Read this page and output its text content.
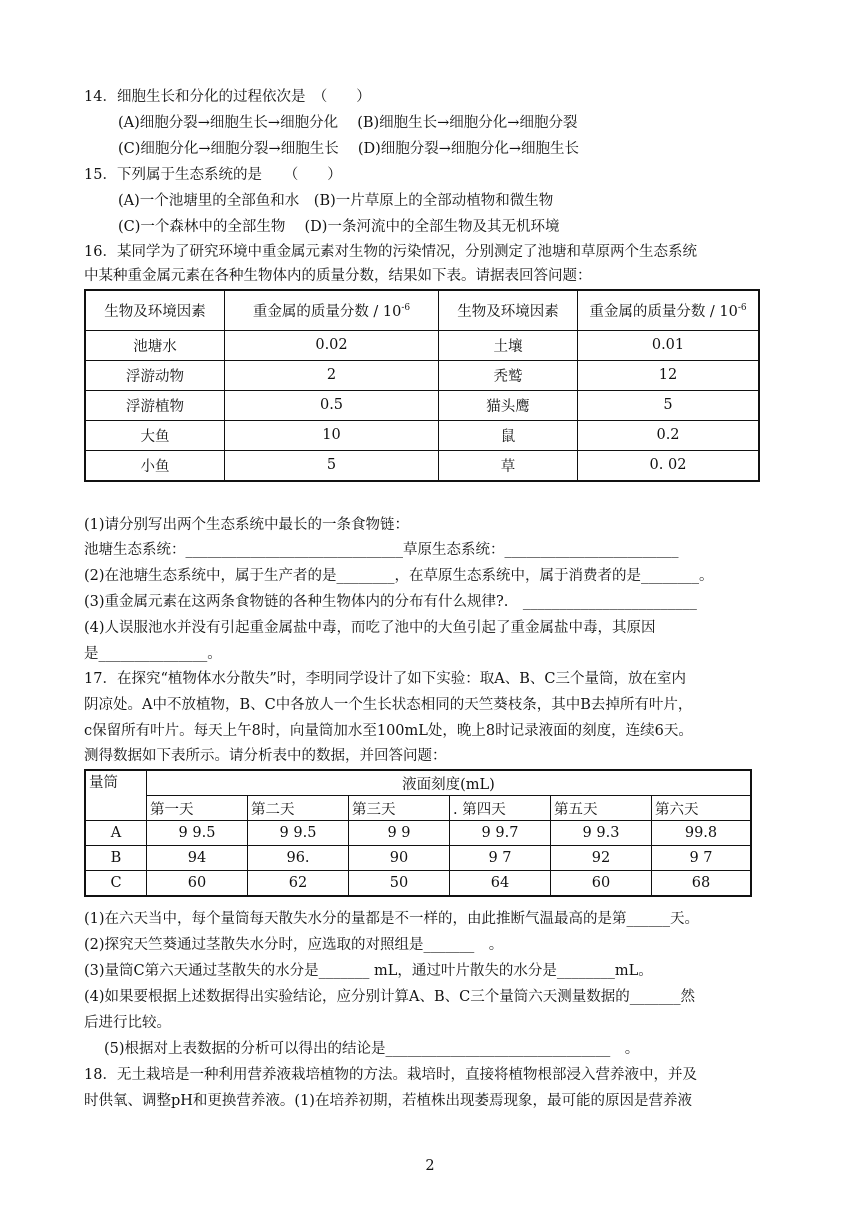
14．细胞生长和分化的过程依次是　（　　）
(A)细胞分裂→细胞生长→细胞分化　 (B)细胞生长→细胞分化→细胞分裂
(C)细胞分化→细胞分裂→细胞生长　 (D)细胞分裂→细胞分化→细胞生长
15．下列属于生态系统的是　　（　　）
(A)一个池塘里的全部鱼和水　(B)一片草原上的全部动植物和微生物
(C)一个森林中的全部生物　 (D)一条河流中的全部生物及其无机环境
16．某同学为了研究环境中重金属元素对生物的污染情况，分别测定了池塘和草原两个生态系统
中某种重金属元素在各种生物体内的质量分数，结果如下表。请据表回答问题：
生物及环境因素	重金属的质量分数 / $10^{-6}$	生物及环境因素	重金属的质量分数 / $10^{-6}$
池塘水	0.02	土壤	0.01
浮游动物	2	秃鹫	12
浮游植物	0.5	猫头鹰	5
大鱼	10	鼠	0.2
小鱼	5	草	0. 02
(1)请分别写出两个生态系统中最长的一条食物链：
池塘生态系统：______________________________草原生态系统：________________________
(2)在池塘生态系统中，属于生产者的是________，在草原生态系统中，属于消费者的是________。
(3)重金属元素在这两条食物链的各种生物体内的分布有什么规律?.　________________________
(4)人误服池水并没有引起重金属盐中毒，而吃了池中的大鱼引起了重金属盐中毒，其原因
是_______________。
17．在探究“植物体水分散失”时，李明同学设计了如下实验：取A、B、C三个量筒，放在室内
阴凉处。A中不放植物，B、C中各放人一个生长状态相同的天竺葵枝条，其中B去掉所有叶片，
c保留所有叶片。每天上午8时，向量筒加水至100mL处，晚上8时记录液面的刻度，连续6天。
测得数据如下表所示。请分析表中的数据，并回答问题：
量筒	液面刻度(mL)					
	第一天	第二天	第三天	. 第四天	第五天	第六天
A	9 9.5	9 9.5	9 9	9 9.7	9 9.3	99.8
B	94	96.	90	9 7	92	9 7
C	60	62	50	64	60	68
(1)在六天当中，每个量筒每天散失水分的量都是不一样的，由此推断气温最高的是第______天。
(2)探究天竺葵通过茎散失水分时，应选取的对照组是_______　。
(3)量筒C第六天通过茎散失的水分是_______ mL，通过叶片散失的水分是________mL。
(4)如果要根据上述数据得出实验结论，应分别计算A、B、C三个量筒六天测量数据的_______然
后进行比较。
(5)根据对上表数据的分析可以得出的结论是_______________________________　。
18．无土栽培是一种利用营养液栽培植物的方法。栽培时，直接将植物根部浸入营养液中，并及
时供氧、调整pH和更换营养液。(1)在培养初期，若植株出现萎焉现象，最可能的原因是营养液
2
